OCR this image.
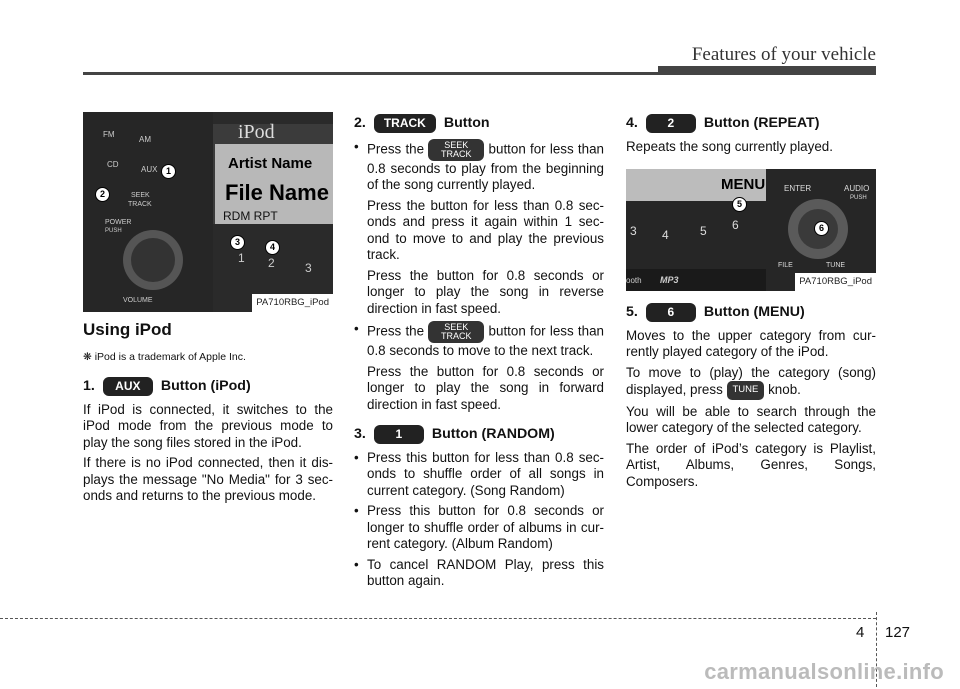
Features of your vehicle
iPod
Artist Name
File Name
RDM RPT
FM
AM
CD
AUX
SEEK
TRACK
POWER
PUSH
VOLUME
1 2	3
1
2
3	4
PA710RBG_iPod
Using iPod
❋ iPod is a trademark of Apple Inc.
1.	AUX	Button (iPod)

If iPod is connected, it switches to the iPod mode from the previous mode to play the song files stored in the iPod.

If there is no iPod connected, then it dis- plays the message "No Media" for 3 sec- onds and returns to the previous mode.

2.	TRACK	Button

• Press the SEEK
TRACK button for less than 0.8 seconds to play from the beginning of the song currently played.

Press the button for less than 0.8 sec- onds and press it again within 1 sec- ond to move to and play the previous track.

Press the button for 0.8 seconds or longer to play the song in reverse direction in fast speed.

• Press the SEEK
TRACK button for less than 0.8 seconds to move to the next track.

Press the button for 0.8 seconds or longer to play the song in forward direction in fast speed.

3.	1	Button (RANDOM)
• Press this button for less than 0.8 sec- onds to shuffle order of all songs in current category. (Song Random)
• Press this button for 0.8 seconds or longer to shuffle order of albums in cur- rent category. (Album Random)
• To cancel RANDOM Play, press this button again.
4.	2	Button (REPEAT)

Repeats the song currently played.

MENU ENTER	AUDIO
PUSH
FILE	TUNE
3 4	5 6
ooth MP3
5
6
PA710RBG_iPod
5.	6	Button (MENU)

Moves to the upper category from cur- rently played category of the iPod.

To move to (play) the category (song) displayed, press TUNE knob.

You will be able to search through the lower category of the selected category.

The order of iPod’s category is Playlist, Artist, Albums, Genres, Songs, Composers.

4 127
carmanualsonline.info
